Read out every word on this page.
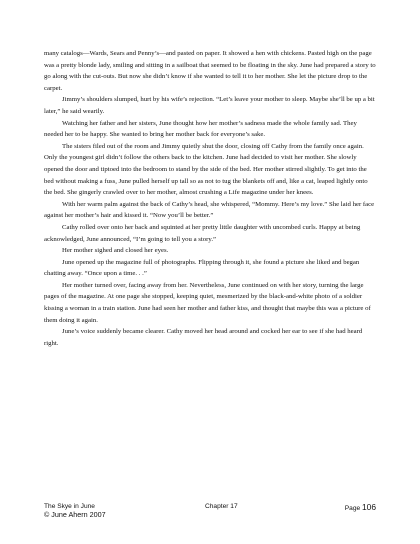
many catalogs—Wards, Sears and Penny’s—and pasted on paper. It showed a hen with chickens. Pasted high on the page was a pretty blonde lady, smiling and sitting in a sailboat that seemed to be floating in the sky. June had prepared a story to go along with the cut-outs. But now she didn’t know if she wanted to tell it to her mother. She let the picture drop to the carpet.

Jimmy’s shoulders slumped, hurt by his wife’s rejection. “Let’s leave your mother to sleep. Maybe she’ll be up a bit later,” he said wearily.

Watching her father and her sisters, June thought how her mother’s sadness made the whole family sad. They needed her to be happy. She wanted to bring her mother back for everyone’s sake.

The sisters filed out of the room and Jimmy quietly shut the door, closing off Cathy from the family once again. Only the youngest girl didn’t follow the others back to the kitchen. June had decided to visit her mother. She slowly opened the door and tiptoed into the bedroom to stand by the side of the bed. Her mother stirred slightly. To get into the bed without making a fuss, June pulled herself up tall so as not to tug the blankets off and, like a cat, leaped lightly onto the bed. She gingerly crawled over to her mother, almost crushing a Life magazine under her knees.

With her warm palm against the back of Cathy’s head, she whispered, “Mommy. Here’s my love.” She laid her face against her mother’s hair and kissed it. “Now you’ll be better.”

Cathy rolled over onto her back and squinted at her pretty little daughter with uncombed curls. Happy at being acknowledged, June announced, “I’m going to tell you a story.”

Her mother sighed and closed her eyes.

June opened up the magazine full of photographs. Flipping through it, she found a picture she liked and began chatting away. “Once upon a time. . .”

Her mother turned over, facing away from her. Nevertheless, June continued on with her story, turning the large pages of the magazine. At one page she stopped, keeping quiet, mesmerized by the black-and-white photo of a soldier kissing a woman in a train station. June had seen her mother and father kiss, and thought that maybe this was a picture of them doing it again.

June’s voice suddenly became clearer. Cathy moved her head around and cocked her ear to see if she had heard right.

The Skye in June	Chapter 17	Page 106
© June Ahern 2007
